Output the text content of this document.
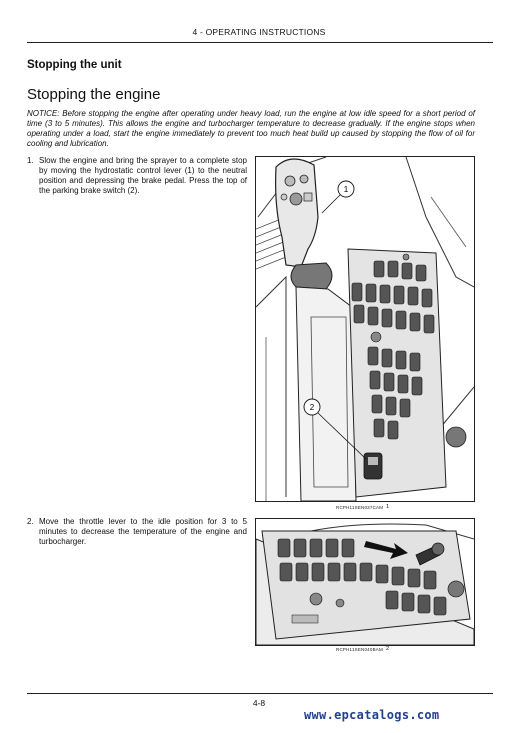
4 - OPERATING INSTRUCTIONS
Stopping the unit
Stopping the engine
NOTICE: Before stopping the engine after operating under heavy load, run the engine at low idle speed for a short period of time (3 to 5 minutes). This allows the engine and turbocharger temperature to decrease gradually. If the engine stops when operating under a load, start the engine immediately to prevent too much heat build up caused by stopping the flow of oil for cooling and lubrication.
1. Slow the engine and bring the sprayer to a complete stop by moving the hydrostatic control lever (1) to the neutral position and depressing the brake pedal. Press the top of the parking brake switch (2).	1
2
RCPH11SEN037CAM 1
2. Move the throttle lever to the idle position for 3 to 5 minutes to decrease the temperature of the engine and turbocharger.
RCPH11SEN040BAM 2
4-8
www.epcatalogs.com
